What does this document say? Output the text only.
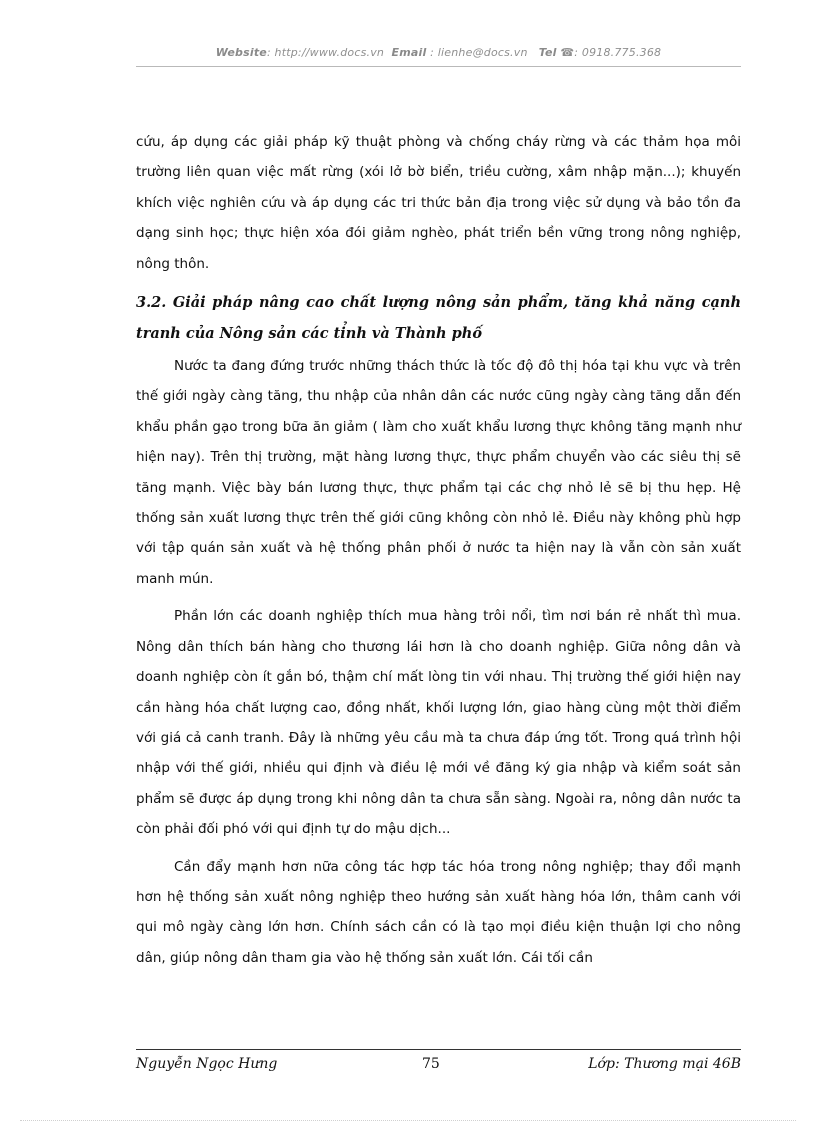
Website: http://www.docs.vn Email : lienhe@docs.vn Tel ☎: 0918.775.368

cứu, áp dụng các giải pháp kỹ thuật phòng và chống cháy rừng và các thảm họa môi trường liên quan việc mất rừng (xói lở bờ biển, triều cường, xâm nhập mặn...); khuyến khích việc nghiên cứu và áp dụng các tri thức bản địa trong việc sử dụng và bảo tồn đa dạng sinh học; thực hiện xóa đói giảm nghèo, phát triển bền vững trong nông nghiệp, nông thôn.

3.2. Giải pháp nâng cao chất lượng nông sản phẩm, tăng khả năng cạnh tranh của Nông sản các tỉnh và Thành phố

Nước ta đang đứng trước những thách thức là tốc độ đô thị hóa tại khu vực và trên thế giới ngày càng tăng, thu nhập của nhân dân các nước cũng ngày càng tăng dẫn đến khẩu phần gạo trong bữa ăn giảm ( làm cho xuất khẩu lương thực không tăng mạnh như hiện nay). Trên thị trường, mặt hàng lương thực, thực phẩm chuyển vào các siêu thị sẽ tăng mạnh. Việc bày bán lương thực, thực phẩm tại các chợ nhỏ lẻ sẽ bị thu hẹp. Hệ thống sản xuất lương thực trên thế giới cũng không còn nhỏ lẻ. Điều này không phù hợp với tập quán sản xuất và hệ thống phân phối ở nước ta hiện nay là vẫn còn sản xuất manh mún.

Phần lớn các doanh nghiệp thích mua hàng trôi nổi, tìm nơi bán rẻ nhất thì mua. Nông dân thích bán hàng cho thương lái hơn là cho doanh nghiệp. Giữa nông dân và doanh nghiệp còn ít gắn bó, thậm chí mất lòng tin với nhau. Thị trường thế giới hiện nay cần hàng hóa chất lượng cao, đồng nhất, khối lượng lớn, giao hàng cùng một thời điểm với giá cả canh tranh. Đây là những yêu cầu mà ta chưa đáp ứng tốt. Trong quá trình hội nhập với thế giới, nhiều qui định và điều lệ mới về đăng ký gia nhập và kiểm soát sản phẩm sẽ được áp dụng trong khi nông dân ta chưa sẵn sàng. Ngoài ra, nông dân nước ta còn phải đối phó với qui định tự do mậu dịch...

Cần đẩy mạnh hơn nữa công tác hợp tác hóa trong nông nghiệp; thay đổi mạnh hơn hệ thống sản xuất nông nghiệp theo hướng sản xuất hàng hóa lớn, thâm canh với qui mô ngày càng lớn hơn. Chính sách cần có là tạo mọi điều kiện thuận lợi cho nông dân, giúp nông dân tham gia vào hệ thống sản xuất lớn. Cái tối cần

Nguyễn Ngọc Hưng	75	Lớp: Thương mại 46B
